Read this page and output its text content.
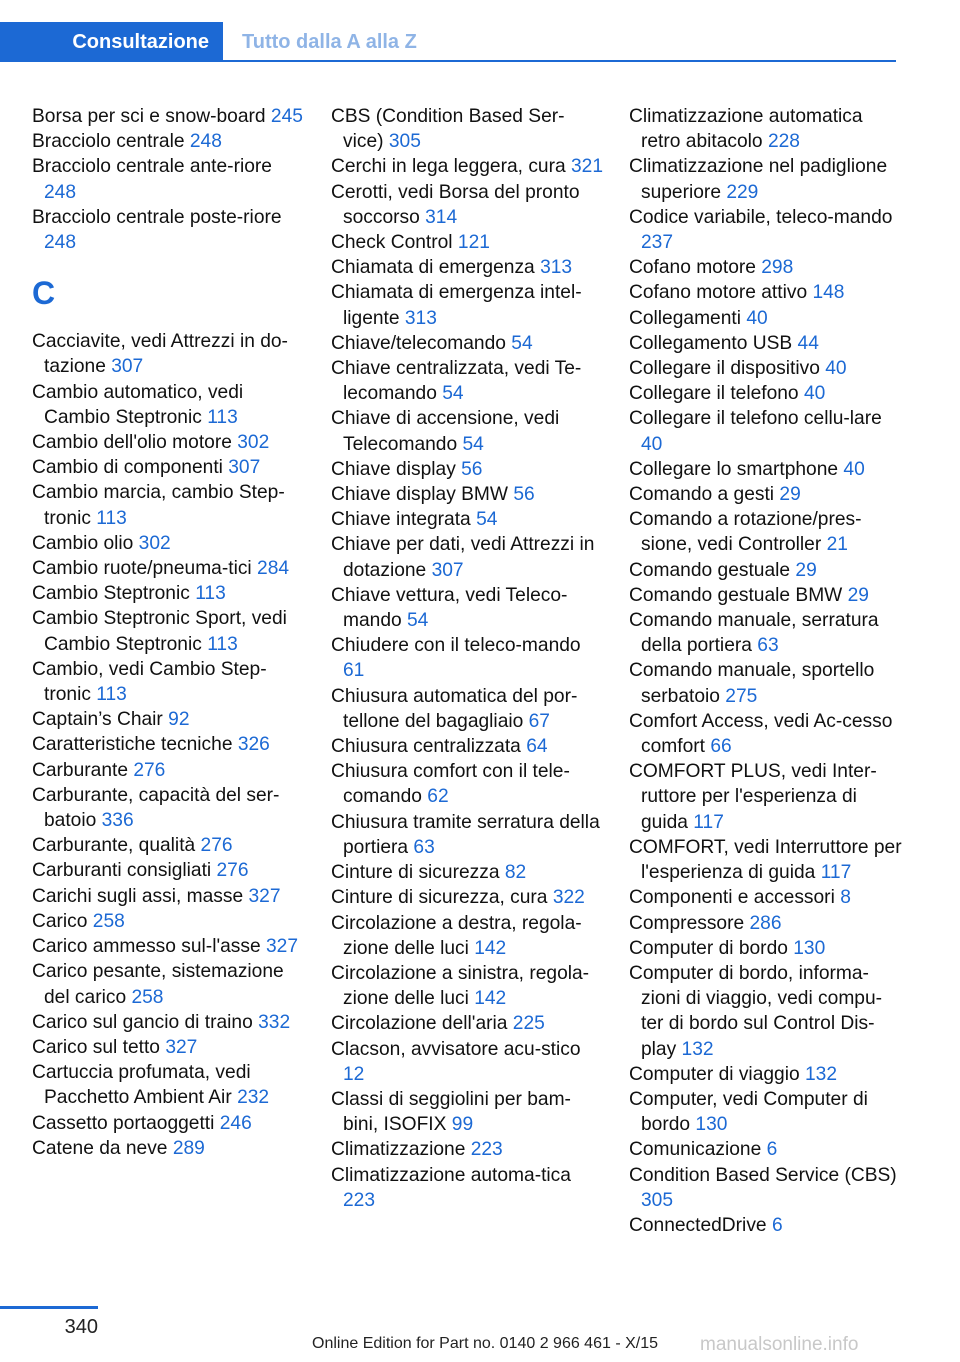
Consultazione	Tutto dalla A alla Z

Borsa per sci e snow-board 245

Bracciolo centrale 248

Bracciolo centrale ante-riore 248

Bracciolo centrale poste-riore 248

C

Cacciavite, vedi Attrezzi in do-tazione 307

Cambio automatico, vedi Cambio Steptronic 113

Cambio dell'olio motore 302

Cambio di componenti 307

Cambio marcia, cambio Step-tronic 113

Cambio olio 302

Cambio ruote/pneuma-tici 284

Cambio Steptronic 113

Cambio Steptronic Sport, vedi Cambio Steptronic 113

Cambio, vedi Cambio Step-tronic 113

Captain’s Chair 92

Caratteristiche tecniche 326

Carburante 276

Carburante, capacità del ser-batoio 336

Carburante, qualità 276

Carburanti consigliati 276

Carichi sugli assi, masse 327

Carico 258

Carico ammesso sul-l'asse 327

Carico pesante, sistemazione del carico 258

Carico sul gancio di traino 332

Carico sul tetto 327

Cartuccia profumata, vedi Pacchetto Ambient Air 232

Cassetto portaoggetti 246

Catene da neve 289

CBS (Condition Based Ser-vice) 305

Cerchi in lega leggera, cura 321

Cerotti, vedi Borsa del pronto soccorso 314

Check Control 121

Chiamata di emergenza 313

Chiamata di emergenza intel-ligente 313

Chiave/telecomando 54

Chiave centralizzata, vedi Te-lecomando 54

Chiave di accensione, vedi Telecomando 54

Chiave display 56

Chiave display BMW 56

Chiave integrata 54

Chiave per dati, vedi Attrezzi in dotazione 307

Chiave vettura, vedi Teleco-mando 54

Chiudere con il teleco-mando 61

Chiusura automatica del por-tellone del bagagliaio 67

Chiusura centralizzata 64

Chiusura comfort con il tele-comando 62

Chiusura tramite serratura della portiera 63

Cinture di sicurezza 82

Cinture di sicurezza, cura 322

Circolazione a destra, regola-zione delle luci 142

Circolazione a sinistra, regola-zione delle luci 142

Circolazione dell'aria 225

Clacson, avvisatore acu-stico 12

Classi di seggiolini per bam-bini, ISOFIX 99

Climatizzazione 223

Climatizzazione automa-tica 223

Climatizzazione automatica retro abitacolo 228

Climatizzazione nel padiglione superiore 229

Codice variabile, teleco-mando 237

Cofano motore 298

Cofano motore attivo 148

Collegamenti 40

Collegamento USB 44

Collegare il dispositivo 40

Collegare il telefono 40

Collegare il telefono cellu-lare 40

Collegare lo smartphone 40

Comando a gesti 29

Comando a rotazione/pres-sione, vedi Controller 21

Comando gestuale 29

Comando gestuale BMW 29

Comando manuale, serratura della portiera 63

Comando manuale, sportello serbatoio 275

Comfort Access, vedi Ac-cesso comfort 66

COMFORT PLUS, vedi Inter-ruttore per l'esperienza di guida 117

COMFORT, vedi Interruttore per l'esperienza di guida 117

Componenti e accessori 8

Compressore 286

Computer di bordo 130

Computer di bordo, informa-zioni di viaggio, vedi compu-ter di bordo sul Control Dis-play 132

Computer di viaggio 132

Computer, vedi Computer di bordo 130

Comunicazione 6

Condition Based Service (CBS) 305

ConnectedDrive 6

340
Online Edition for Part no. 0140 2 966 461 - X/15 manualsonline.info
